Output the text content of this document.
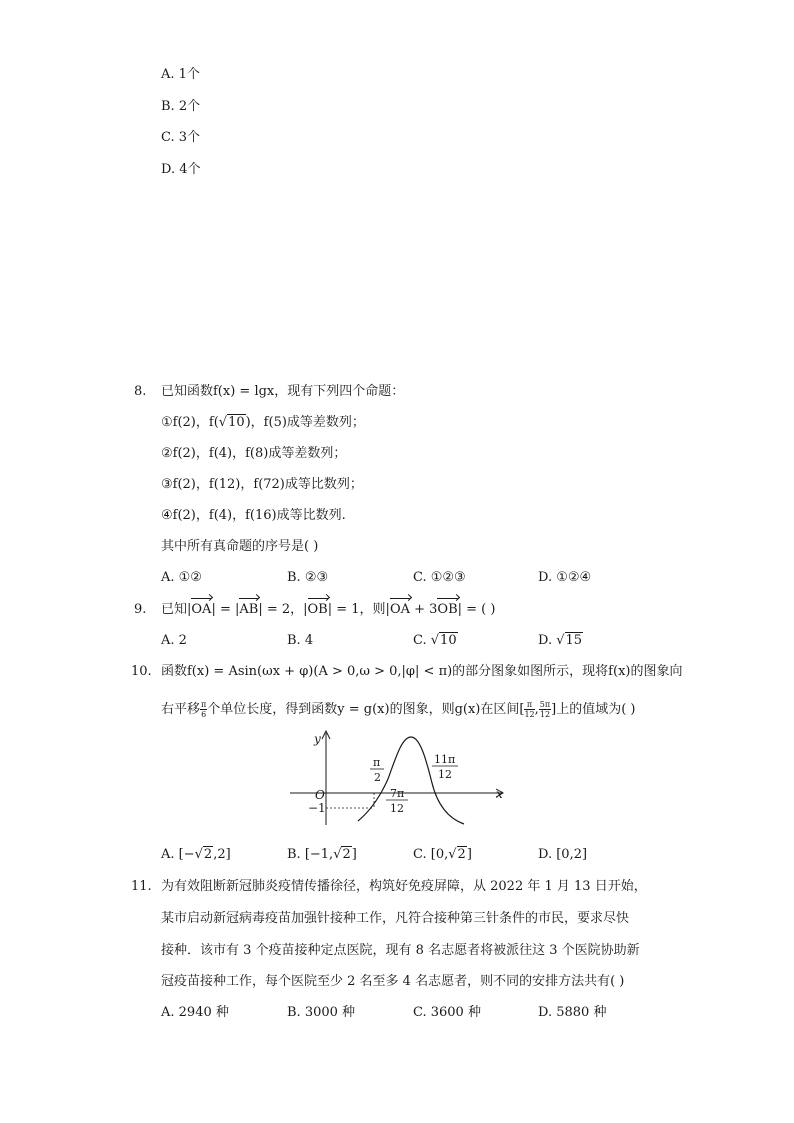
A. 1个
B. 2个
C. 3个
D. 4个
8. 已知函数f(x) = lgx，现有下列四个命题：
①f(2)，f(√10)，f(5)成等差数列；
②f(2)，f(4)，f(8)成等差数列；
③f(2)，f(12)，f(72)成等比数列；
④f(2)，f(4)，f(16)成等比数列.
其中所有真命题的序号是( )
A. ①②	B. ②③	C. ①②③	D. ①②④
9. 已知|OA| = |AB| = 2，|OB| = 1，则|OA + 3OB| = ( )
A. 2	B. 4	C. √10	D. √15
10. 函数f(x) = Asin(ωx + φ)(A > 0,ω > 0,|φ| < π)的部分图象如图所示，现将f(x)的图象向
右平移 $\frac{\pi}{6}$ 个单位长度，得到函数y = g(x)的图象，则g(x)在区间[ $\frac{\pi}{12}$ , $\frac{5\pi}{12}$ ]上的值域为( )
y
x
O
−1
π
2
7π
12
11π
12
A. [−√2,2]	B. [−1,√2]	C. [0,√2]	D. [0,2]
11. 为有效阻断新冠肺炎疫情传播徐径，构筑好免疫屏障，从 2022 年 1 月 13 日开始，
某市启动新冠病毒疫苗加强针接种工作，凡符合接种第三针条件的市民，要求尽快
接种．该市有 3 个疫苗接种定点医院，现有 8 名志愿者将被派往这 3 个医院协助新
冠疫苗接种工作，每个医院至少 2 名至多 4 名志愿者，则不同的安排方法共有( )
A. 2940 种	B. 3000 种	C. 3600 种	D. 5880 种
